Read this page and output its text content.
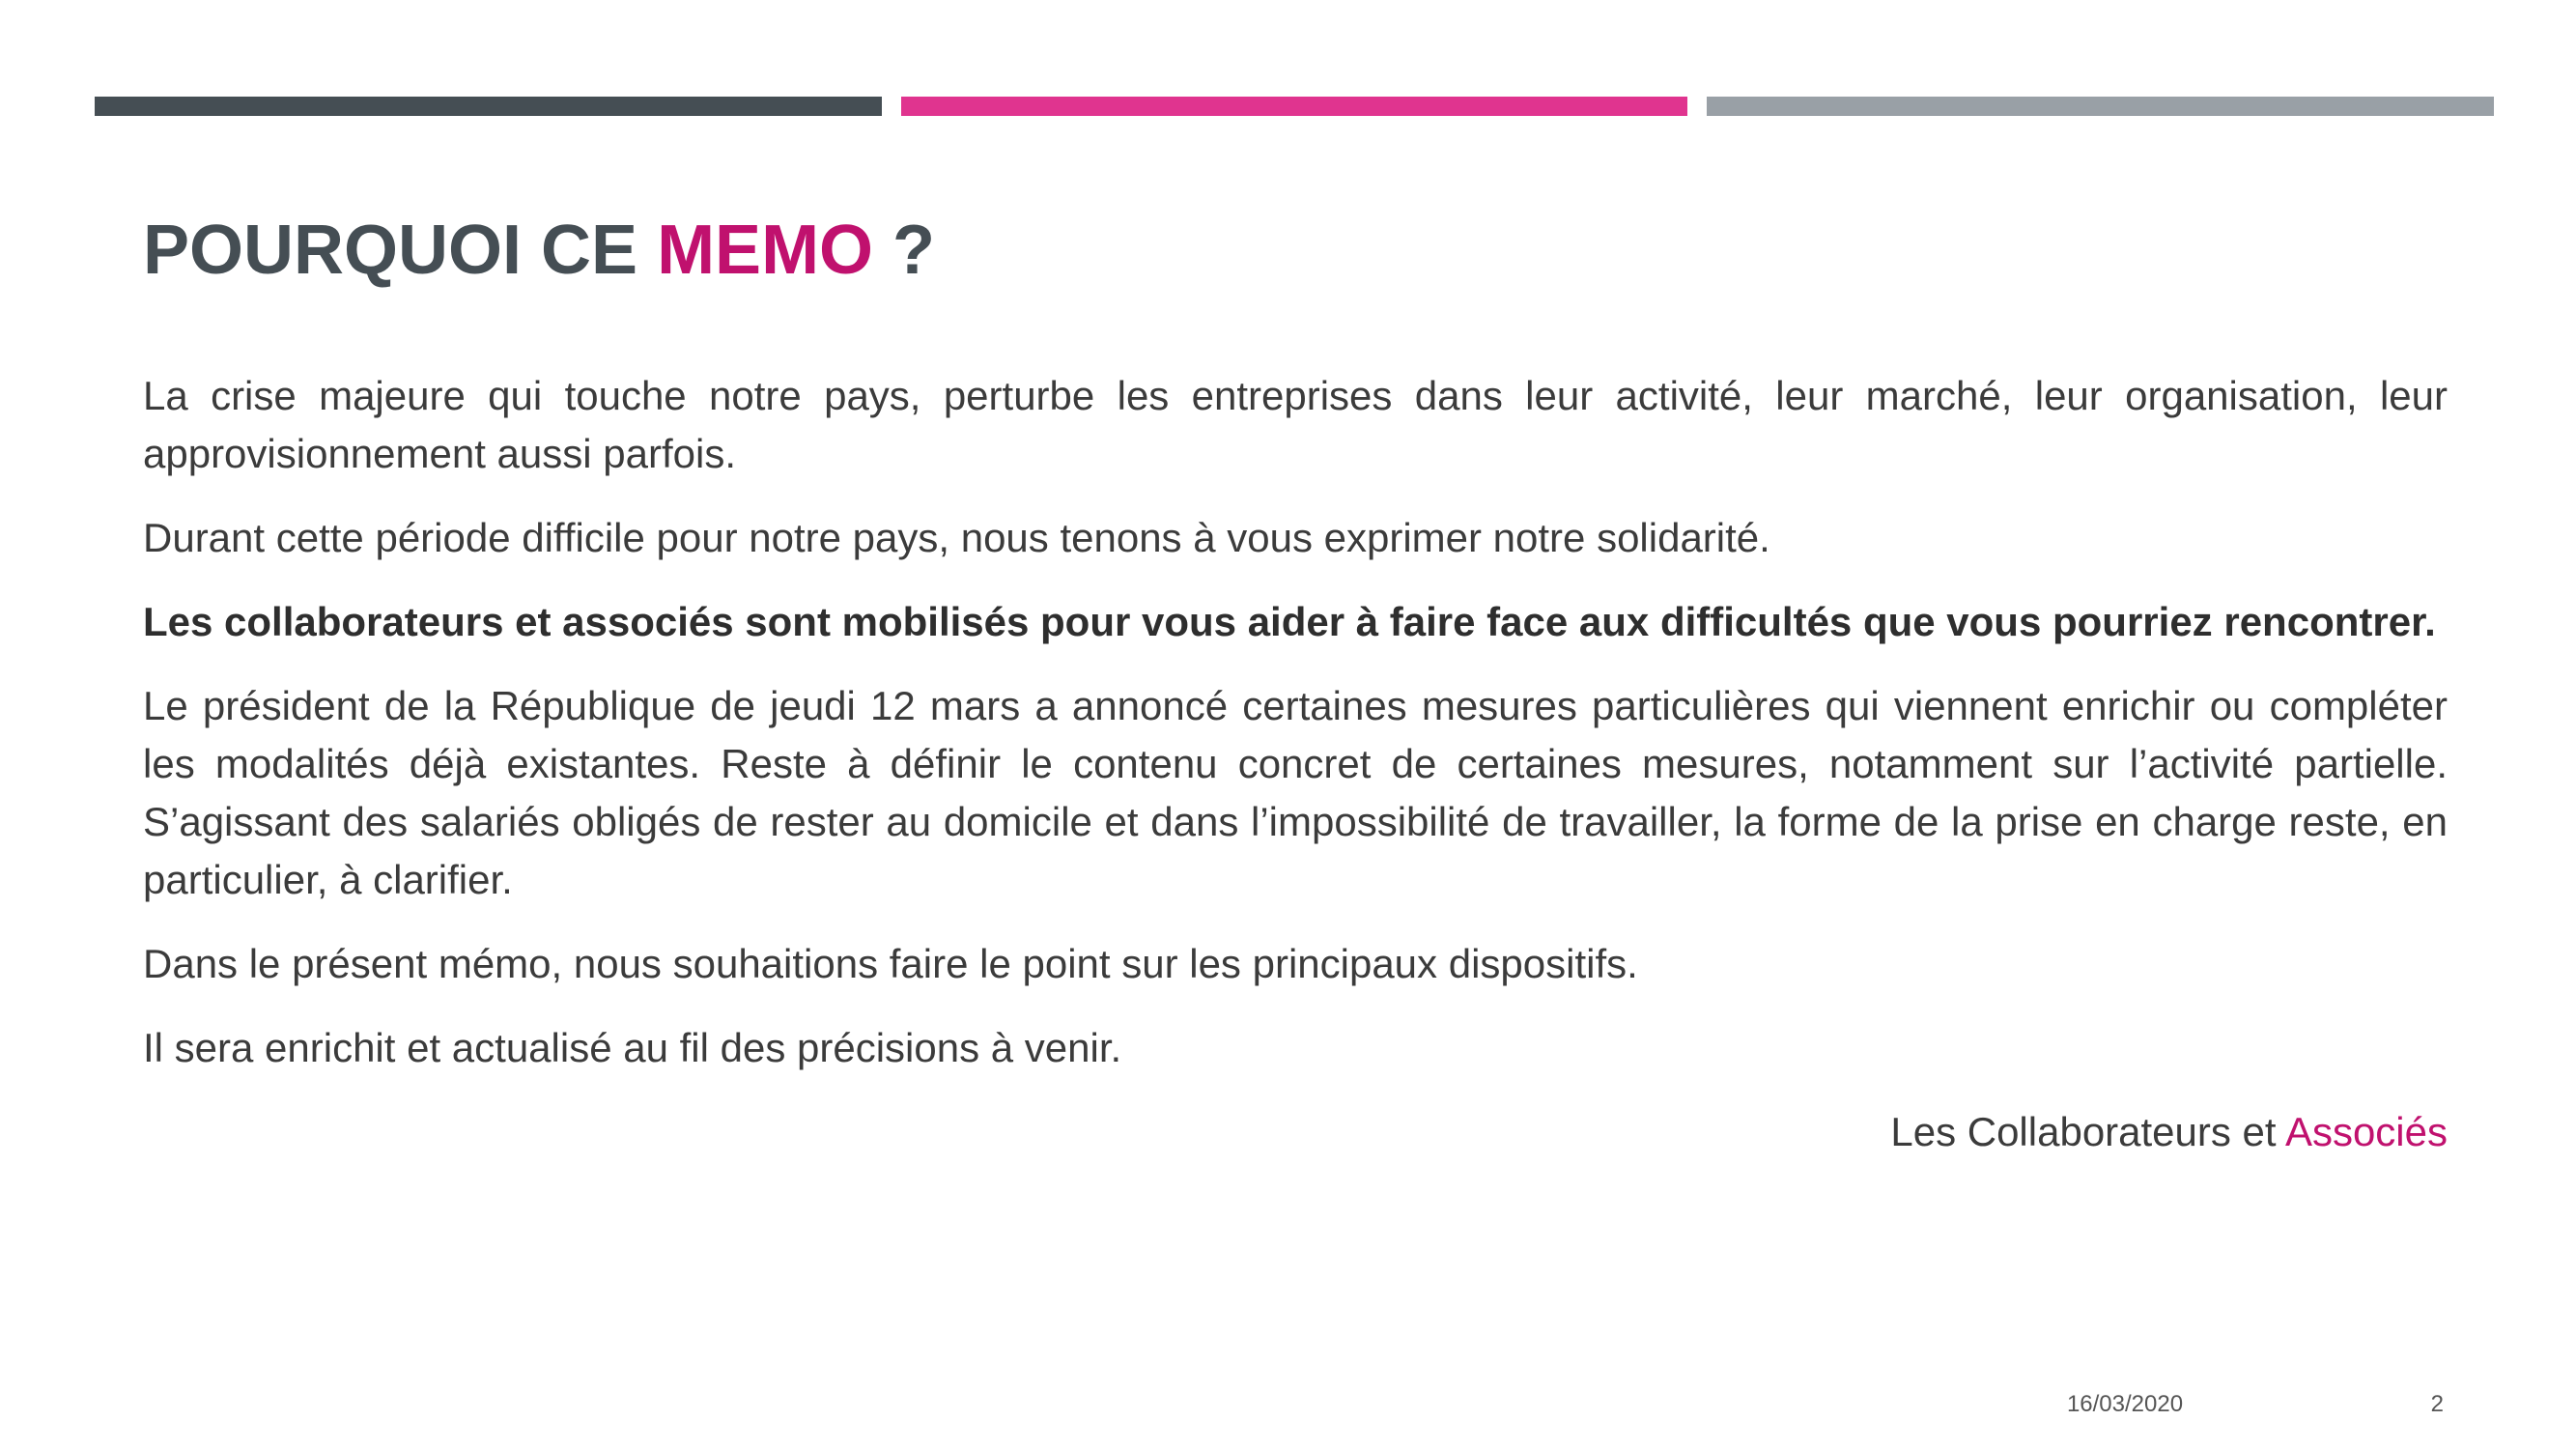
POURQUOI CE MEMO ?

La crise majeure qui touche notre pays, perturbe les entreprises dans leur activité, leur marché, leur organisation, leur approvisionnement aussi parfois.

Durant cette période difficile pour notre pays, nous tenons à vous exprimer notre solidarité.

Les collaborateurs et associés sont mobilisés pour vous aider à faire face aux difficultés que vous pourriez rencontrer.

Le président de la République de jeudi 12 mars a annoncé certaines mesures particulières qui viennent enrichir ou compléter les modalités déjà existantes. Reste à définir le contenu concret de certaines mesures, notamment sur l’activité partielle. S’agissant des salariés obligés de rester au domicile et dans l’impossibilité de travailler, la forme de la prise en charge reste, en particulier, à clarifier.

Dans le présent mémo, nous souhaitions faire le point sur les principaux dispositifs.

Il sera enrichit et actualisé au fil des précisions à venir.

Les Collaborateurs et Associés
16/03/2020	2
